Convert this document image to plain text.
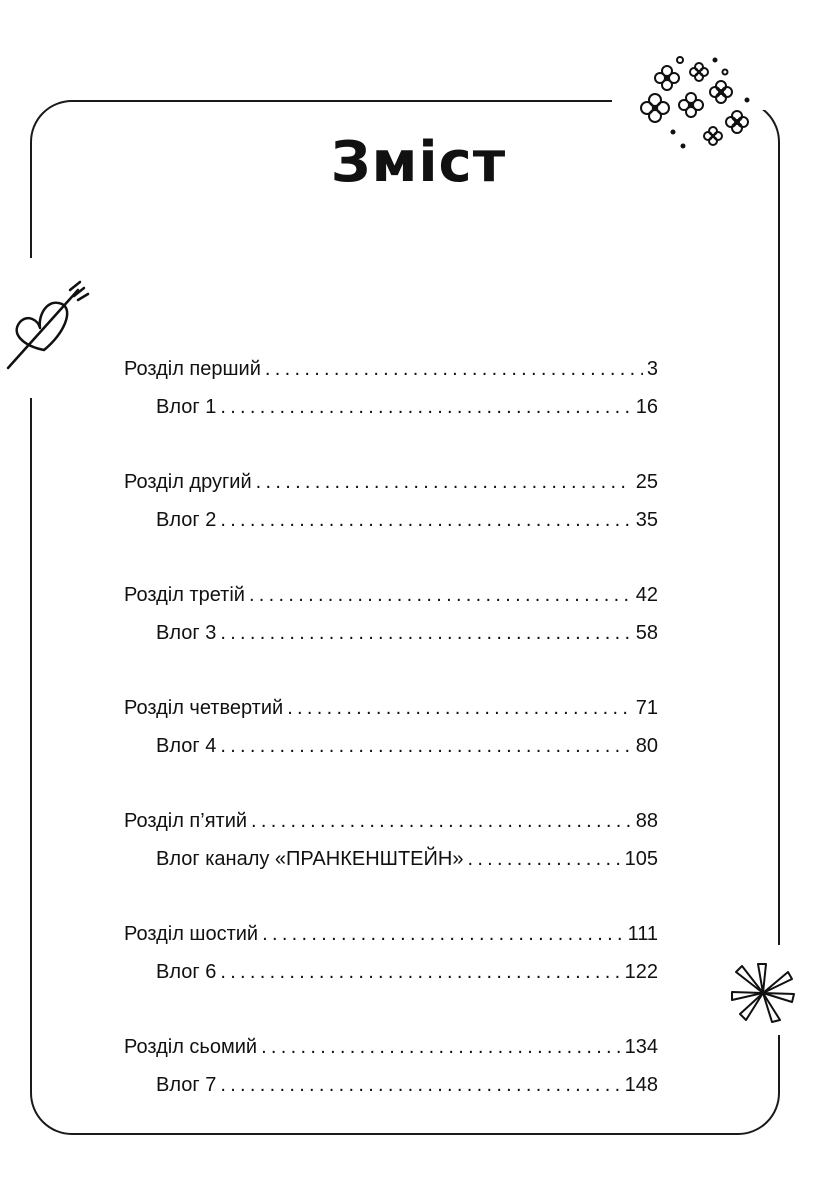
Зміст
Розділ перший .....	3
Влог 1 .....	16
Розділ другий .....	25
Влог 2 .....	35
Розділ третій .....	42
Влог 3 .....	58
Розділ четвертий .....	71
Влог 4 .....	80
Розділ п’ятий .....	88
Влог каналу «ПРАНКЕНШТЕЙН» .....	105
Розділ шостий .....	111
Влог 6 .....	122
Розділ сьомий .....	134
Влог 7 .....	148
